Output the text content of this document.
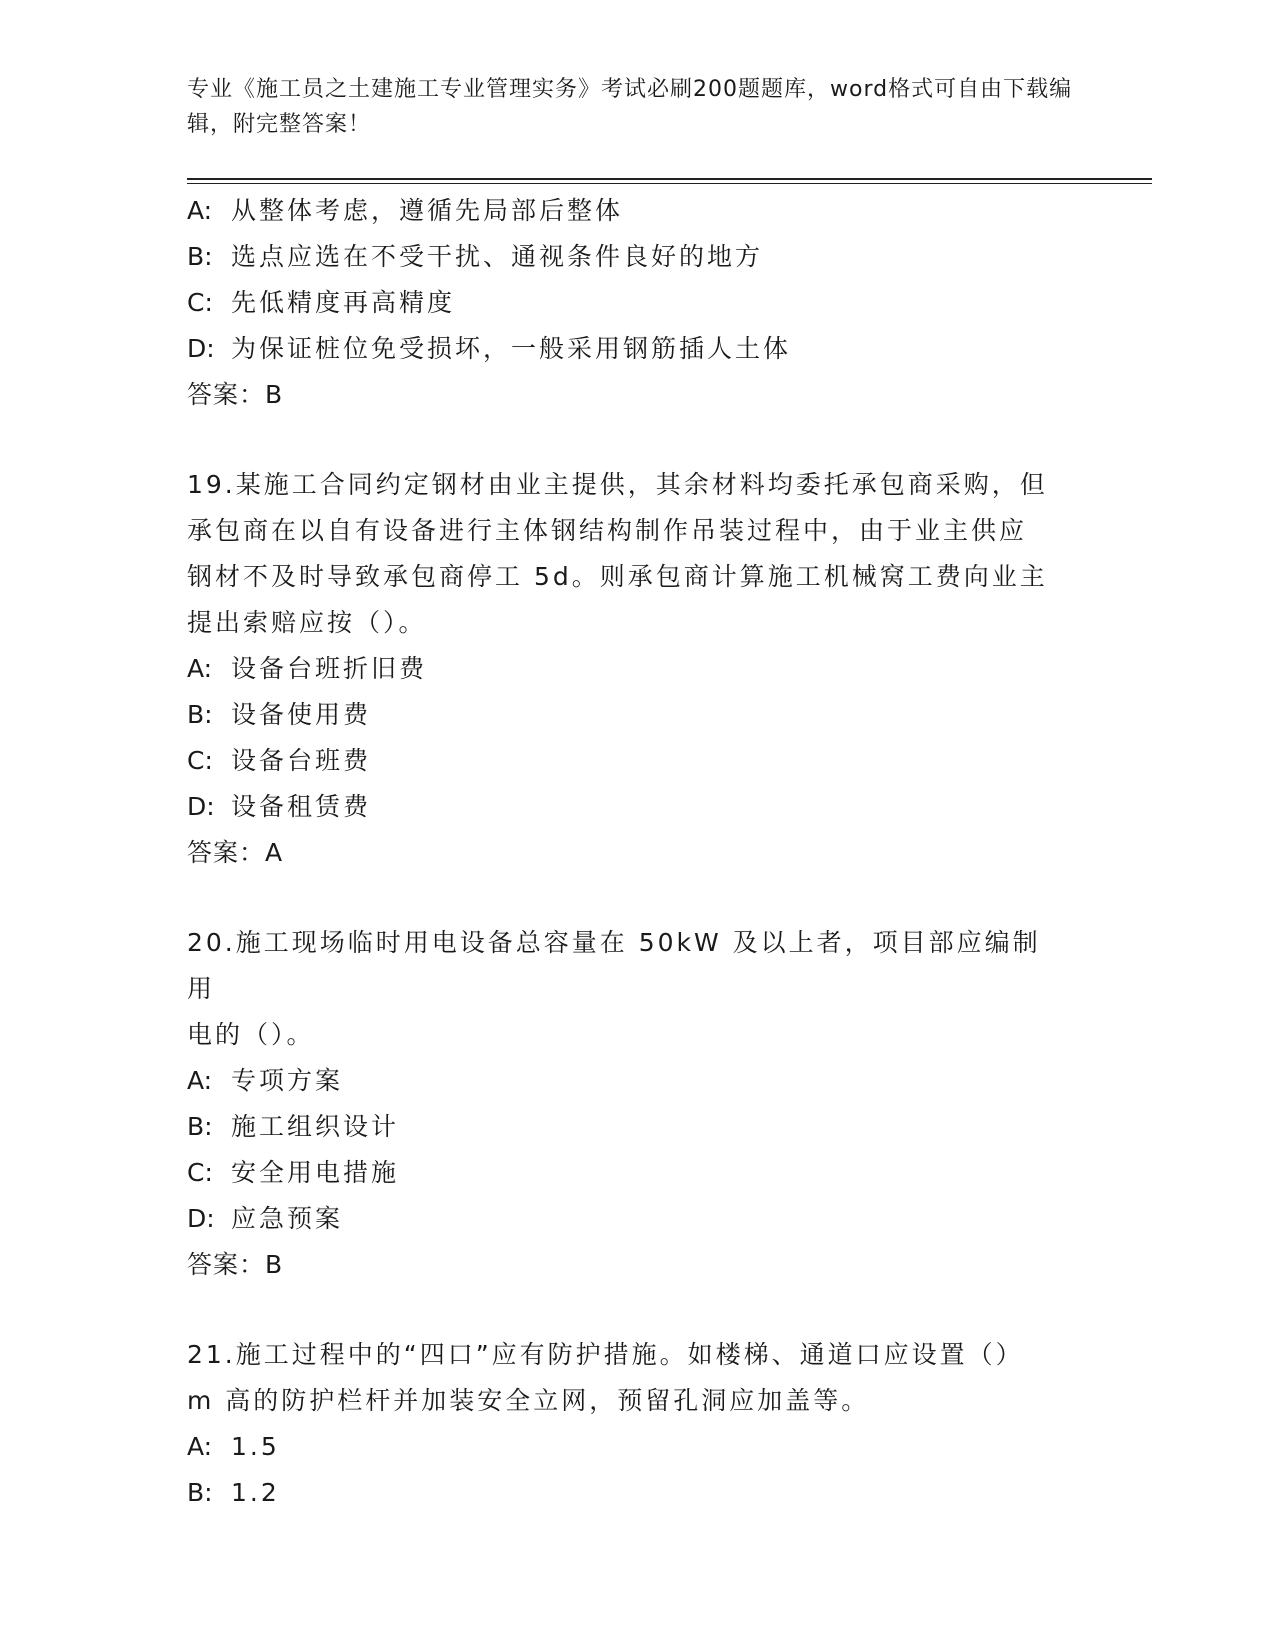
专业《施工员之土建施工专业管理实务》考试必刷200题题库，word格式可自由下载编辑，附完整答案！

A: 从整体考虑，遵循先局部后整体

B: 选点应选在不受干扰、通视条件良好的地方

C: 先低精度再高精度

D: 为保证桩位免受损坏，一般采用钢筋插人土体

答案：B

19.某施工合同约定钢材由业主提供，其余材料均委托承包商采购，但

承包商在以自有设备进行主体钢结构制作吊装过程中，由于业主供应

钢材不及时导致承包商停工 5d。则承包商计算施工机械窝工费向业主

提出索赔应按（）。

A: 设备台班折旧费

B: 设备使用费

C: 设备台班费

D: 设备租赁费

答案：A

20.施工现场临时用电设备总容量在 50kW 及以上者，项目部应编制用

电的（）。

A: 专项方案

B: 施工组织设计

C: 安全用电措施

D: 应急预案

答案：B

21.施工过程中的“四口”应有防护措施。如楼梯、通道口应设置（）

m 高的防护栏杆并加装安全立网，预留孔洞应加盖等。

A: 1.5

B: 1.2
